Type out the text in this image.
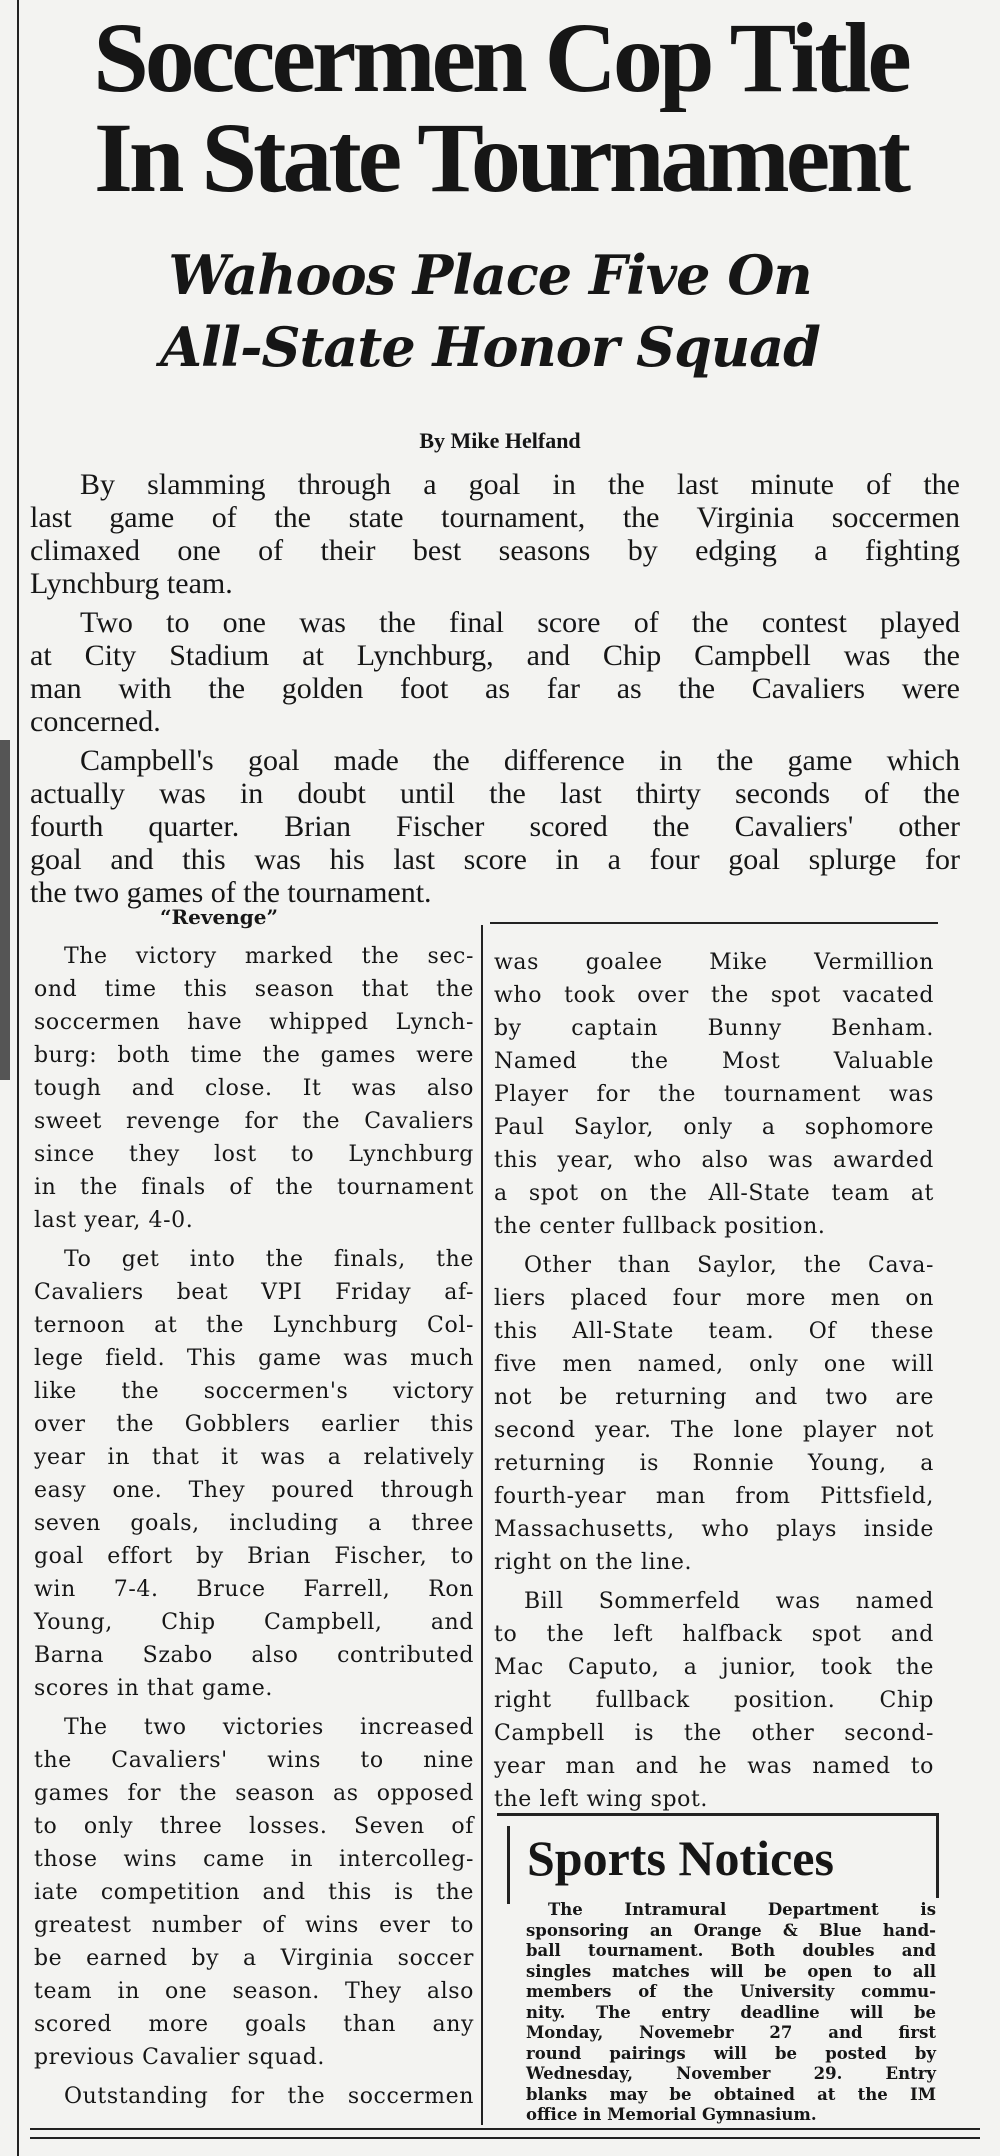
Soccermen Cop Title
In State Tournament
Wahoos Place Five On
All-State Honor Squad
By Mike Helfand
By slamming through a goal in the last minute of the
last game of the state tournament, the Virginia soccermen
climaxed one of their best seasons by edging a fighting
Lynchburg team.
Two to one was the final score of the contest played
at City Stadium at Lynchburg, and Chip Campbell was the
man with the golden foot as far as the Cavaliers were
concerned.
Campbell's goal made the difference in the game which
actually was in doubt until the last thirty seconds of the
fourth quarter. Brian Fischer scored the Cavaliers' other
goal and this was his last score in a four goal splurge for
the two games of the tournament.
“Revenge”
The victory marked the sec-
ond time this season that the
soccermen have whipped Lynch-
burg: both time the games were
tough and close. It was also
sweet revenge for the Cavaliers
since they lost to Lynchburg
in the finals of the tournament
last year, 4-0.
To get into the finals, the
Cavaliers beat VPI Friday af-
ternoon at the Lynchburg Col-
lege field. This game was much
like the soccermen's victory
over the Gobblers earlier this
year in that it was a relatively
easy one. They poured through
seven goals, including a three
goal effort by Brian Fischer, to
win 7-4. Bruce Farrell, Ron
Young, Chip Campbell, and
Barna Szabo also contributed
scores in that game.
The two victories increased
the Cavaliers' wins to nine
games for the season as opposed
to only three losses. Seven of
those wins came in intercolleg-
iate competition and this is the
greatest number of wins ever to
be earned by a Virginia soccer
team in one season. They also
scored more goals than any
previous Cavalier squad.
Outstanding for the soccermen
was goalee Mike Vermillion
who took over the spot vacated
by captain Bunny Benham.
Named the Most Valuable
Player for the tournament was
Paul Saylor, only a sophomore
this year, who also was awarded
a spot on the All-State team at
the center fullback position.
Other than Saylor, the Cava-
liers placed four more men on
this All-State team. Of these
five men named, only one will
not be returning and two are
second year. The lone player not
returning is Ronnie Young, a
fourth-year man from Pittsfield,
Massachusetts, who plays inside
right on the line.
Bill Sommerfeld was named
to the left halfback spot and
Mac Caputo, a junior, took the
right fullback position. Chip
Campbell is the other second-
year man and he was named to
the left wing spot.
Sports Notices
The Intramural Department is
sponsoring an Orange & Blue hand-
ball tournament. Both doubles and
singles matches will be open to all
members of the University commu-
nity. The entry deadline will be
Monday, Novemebr 27 and first
round pairings will be posted by
Wednesday, November 29. Entry
blanks may be obtained at the IM
office in Memorial Gymnasium.
